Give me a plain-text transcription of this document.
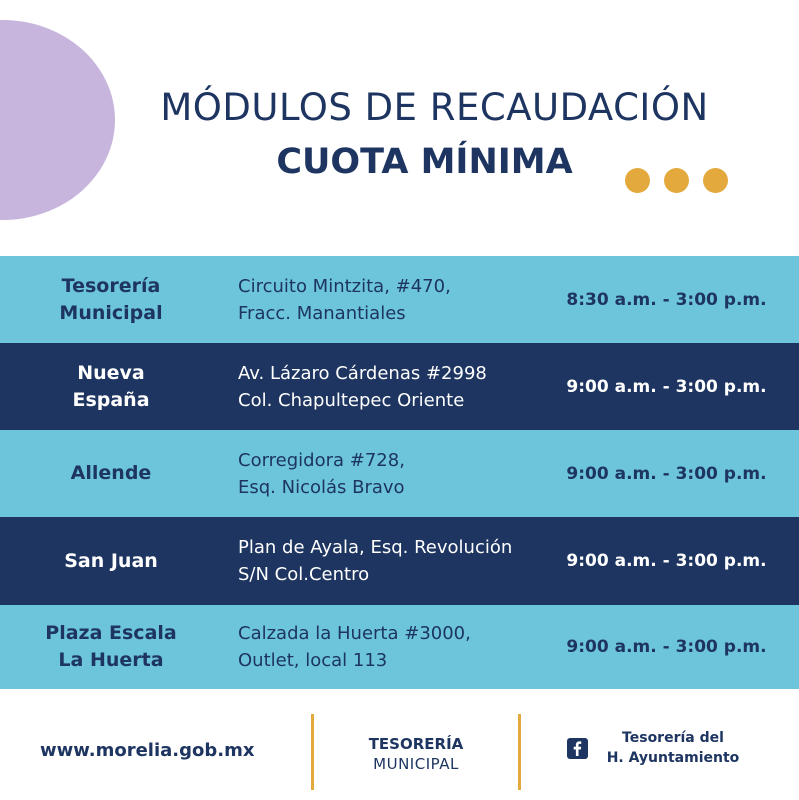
MÓDULOS DE RECAUDACIÓN
CUOTA MÍNIMA
Tesorería
Municipal
Circuito Mintzita, #470,
Fracc. Manantiales
8:30 a.m. - 3:00 p.m.
Nueva
España
Av. Lázaro Cárdenas #2998
Col. Chapultepec Oriente
9:00 a.m. - 3:00 p.m.
Allende
Corregidora #728,
Esq. Nicolás Bravo
9:00 a.m. - 3:00 p.m.
San Juan
Plan de Ayala, Esq. Revolución
S/N Col.Centro
9:00 a.m. - 3:00 p.m.
Plaza Escala
La Huerta
Calzada la Huerta #3000,
Outlet, local 113
9:00 a.m. - 3:00 p.m.
www.morelia.gob.mx	TESORERÍA
MUNICIPAL
Tesorería del
H. Ayuntamiento
